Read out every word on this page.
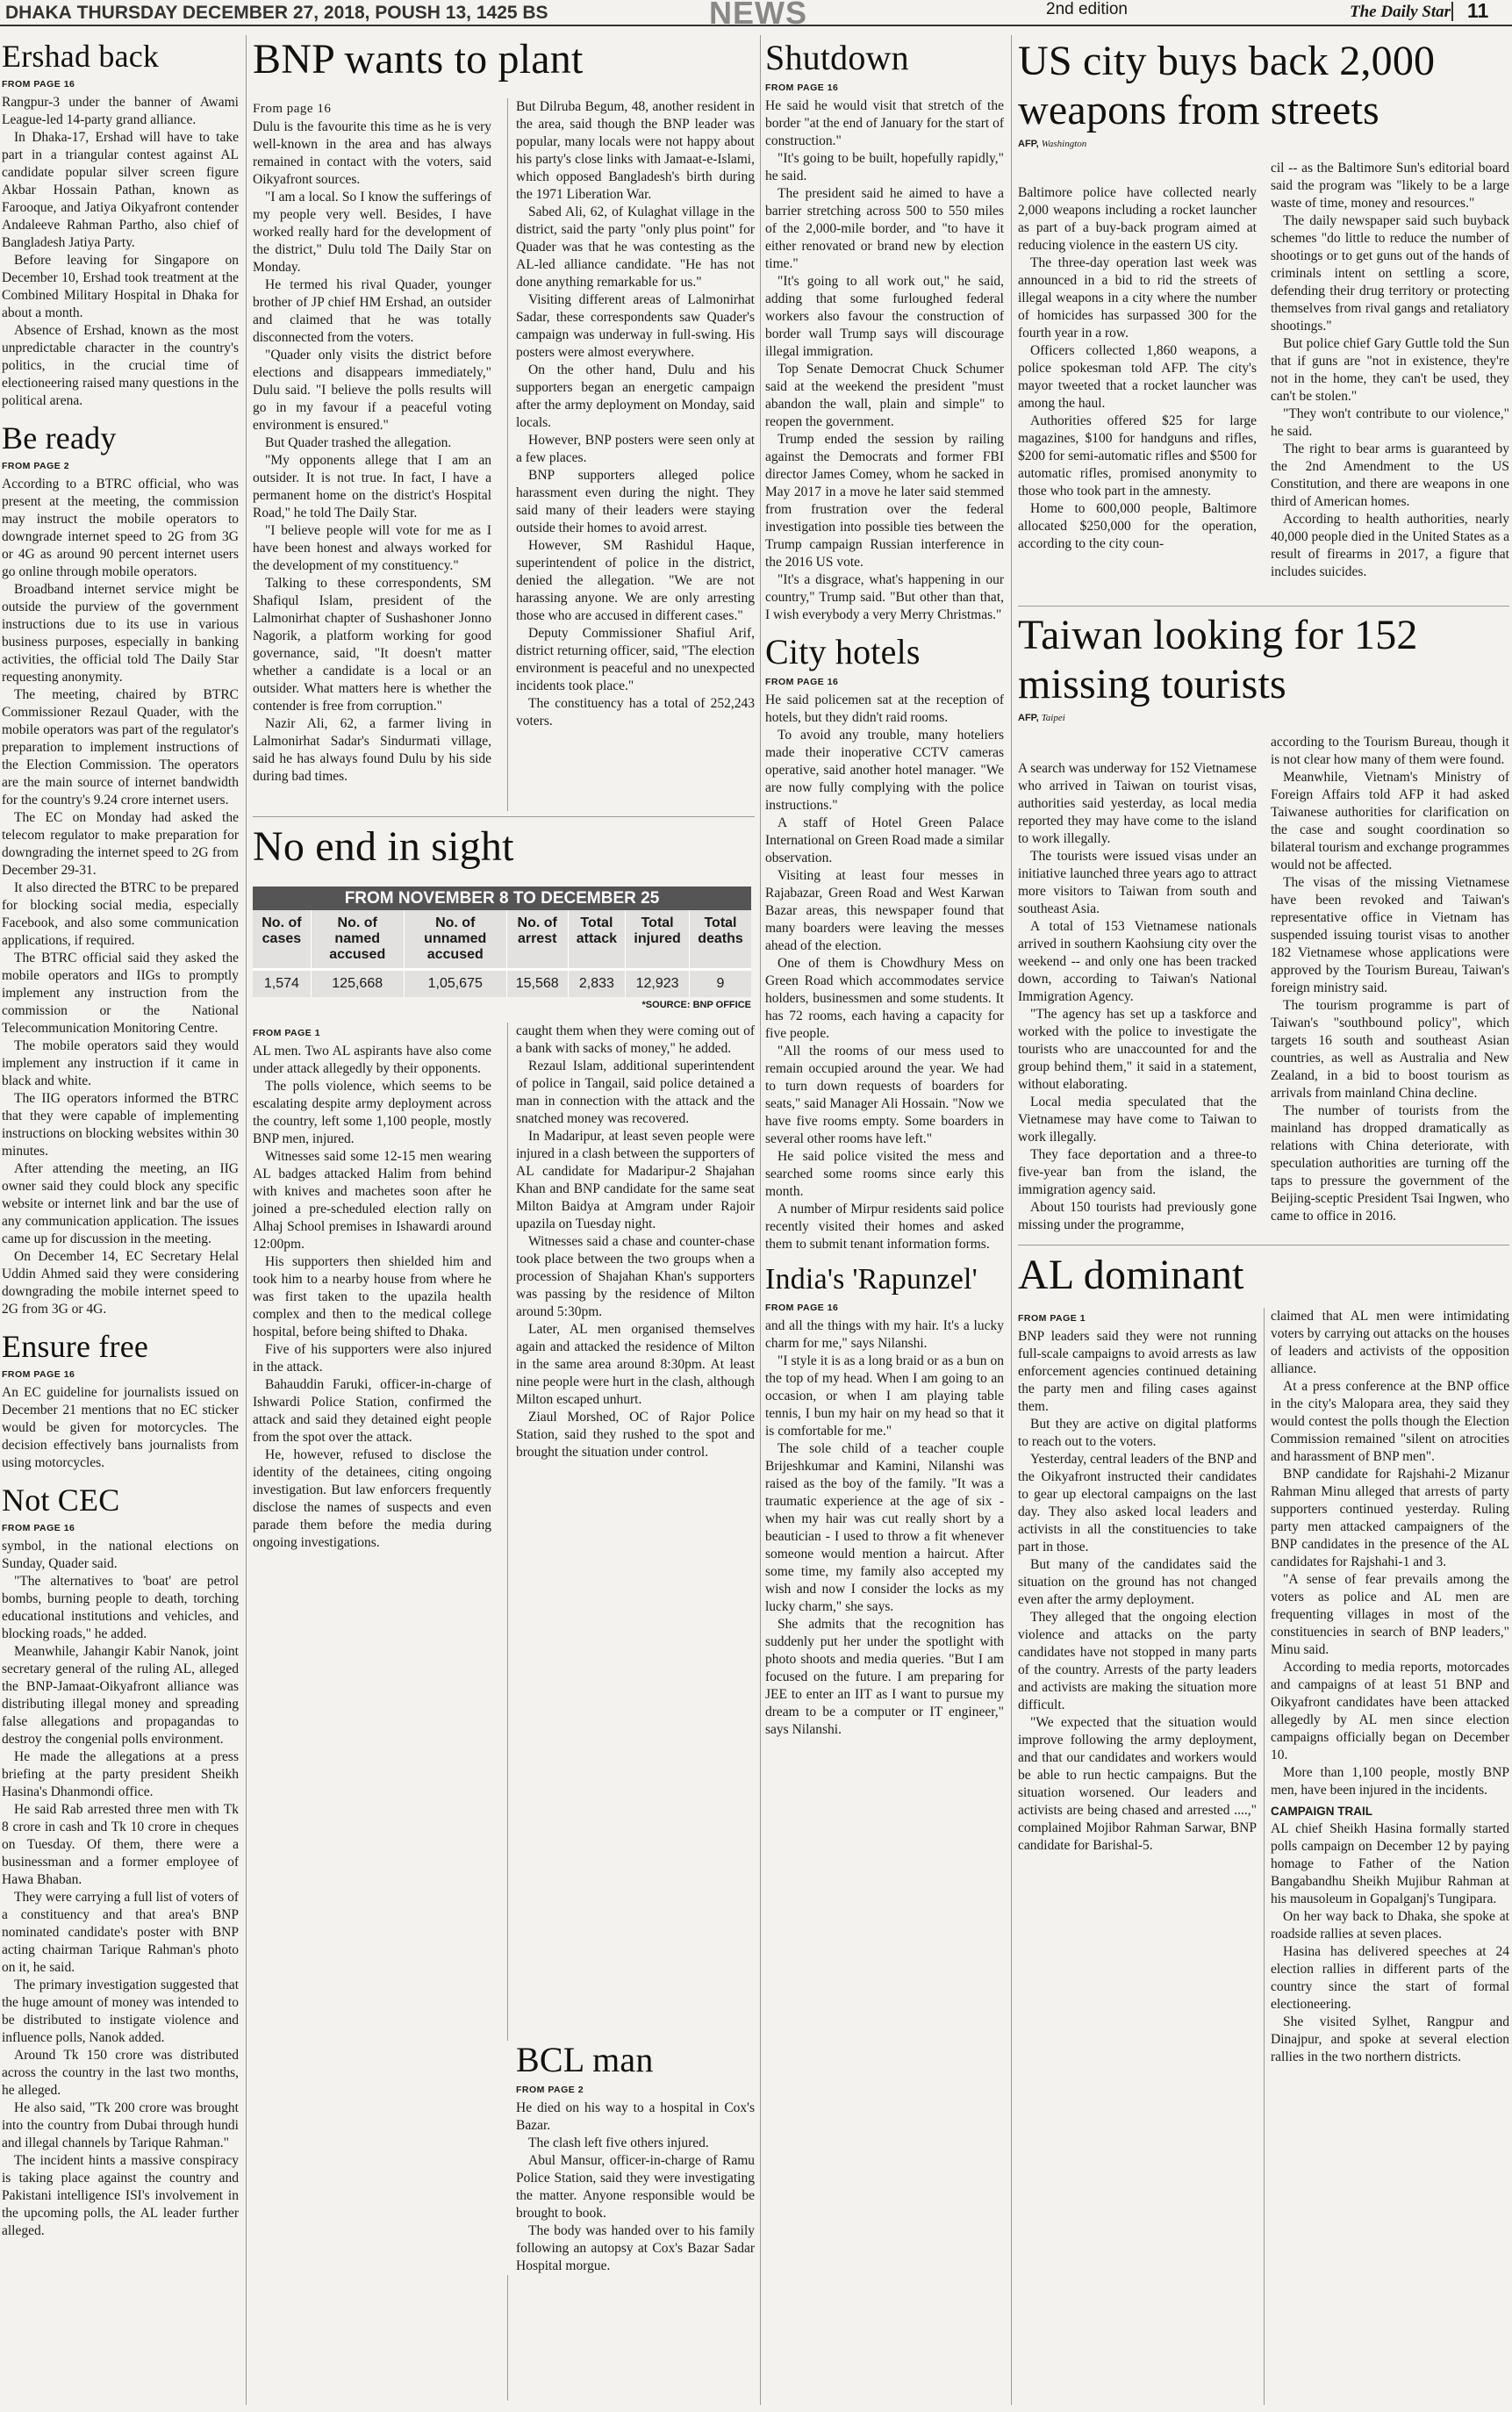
DHAKA THURSDAY DECEMBER 27, 2018, POUSH 13, 1425 BS	NEWS	2nd edition	The Daily Star 11
Ershad back
FROM PAGE 16

Rangpur-3 under the banner of Awami League-led 14-party grand alliance.

In Dhaka-17, Ershad will have to take part in a triangular contest against AL candidate popular silver screen figure Akbar Hossain Pathan, known as Farooque, and Jatiya Oikyafront contender Andaleeve Rahman Partho, also chief of Bangladesh Jatiya Party.

Before leaving for Singapore on December 10, Ershad took treatment at the Combined Military Hospital in Dhaka for about a month.

Absence of Ershad, known as the most unpredictable character in the country's politics, in the crucial time of electioneering raised many questions in the political arena.

Be ready
FROM PAGE 2

According to a BTRC official, who was present at the meeting, the commission may instruct the mobile operators to downgrade internet speed to 2G from 3G or 4G as around 90 percent internet users go online through mobile operators.

Broadband internet service might be outside the purview of the government instructions due to its use in various business purposes, especially in banking activities, the official told The Daily Star requesting anonymity.

The meeting, chaired by BTRC Commissioner Rezaul Quader, with the mobile operators was part of the regulator's preparation to implement instructions of the Election Commission. The operators are the main source of internet bandwidth for the country's 9.24 crore internet users.

The EC on Monday had asked the telecom regulator to make preparation for downgrading the internet speed to 2G from December 29-31.

It also directed the BTRC to be prepared for blocking social media, especially Facebook, and also some communication applications, if required.

The BTRC official said they asked the mobile operators and IIGs to promptly implement any instruction from the commission or the National Telecommunication Monitoring Centre.

The mobile operators said they would implement any instruction if it came in black and white.

The IIG operators informed the BTRC that they were capable of implementing instructions on blocking websites within 30 minutes.

After attending the meeting, an IIG owner said they could block any specific website or internet link and bar the use of any communication application. The issues came up for discussion in the meeting.

On December 14, EC Secretary Helal Uddin Ahmed said they were considering downgrading the mobile internet speed to 2G from 3G or 4G.

Ensure free
FROM PAGE 16

An EC guideline for journalists issued on December 21 mentions that no EC sticker would be given for motorcycles. The decision effectively bans journalists from using motorcycles.

Not CEC
FROM PAGE 16

symbol, in the national elections on Sunday, Quader said.

"The alternatives to 'boat' are petrol bombs, burning people to death, torching educational institutions and vehicles, and blocking roads," he added.

Meanwhile, Jahangir Kabir Nanok, joint secretary general of the ruling AL, alleged the BNP-Jamaat-Oikyafront alliance was distributing illegal money and spreading false allegations and propagandas to destroy the congenial polls environment.

He made the allegations at a press briefing at the party president Sheikh Hasina's Dhanmondi office.

He said Rab arrested three men with Tk 8 crore in cash and Tk 10 crore in cheques on Tuesday. Of them, there were a businessman and a former employee of Hawa Bhaban.

They were carrying a full list of voters of a constituency and that area's BNP nominated candidate's poster with BNP acting chairman Tarique Rahman's photo on it, he said.

The primary investigation suggested that the huge amount of money was intended to be distributed to instigate violence and influence polls, Nanok added.

Around Tk 150 crore was distributed across the country in the last two months, he alleged.

He also said, "Tk 200 crore was brought into the country from Dubai through hundi and illegal channels by Tarique Rahman."

The incident hints a massive conspiracy is taking place against the country and Pakistani intelligence ISI's involvement in the upcoming polls, the AL leader further alleged.

BNP wants to plant
From page 16

Dulu is the favourite this time as he is very well-known in the area and has always remained in contact with the voters, said Oikyafront sources.

"I am a local. So I know the sufferings of my people very well. Besides, I have worked really hard for the development of the district," Dulu told The Daily Star on Monday.

He termed his rival Quader, younger brother of JP chief HM Ershad, an outsider and claimed that he was totally disconnected from the voters.

"Quader only visits the district before elections and disappears immediately," Dulu said. "I believe the polls results will go in my favour if a peaceful voting environment is ensured."

But Quader trashed the allegation.

"My opponents allege that I am an outsider. It is not true. In fact, I have a permanent home on the district's Hospital Road," he told The Daily Star.

"I believe people will vote for me as I have been honest and always worked for the development of my constituency."

Talking to these correspondents, SM Shafiqul Islam, president of the Lalmonirhat chapter of Sushashoner Jonno Nagorik, a platform working for good governance, said, "It doesn't matter whether a candidate is a local or an outsider. What matters here is whether the contender is free from corruption."

Nazir Ali, 62, a farmer living in Lalmonirhat Sadar's Sindurmati village, said he has always found Dulu by his side during bad times.

But Dilruba Begum, 48, another resident in the area, said though the BNP leader was popular, many locals were not happy about his party's close links with Jamaat-e-Islami, which opposed Bangladesh's birth during the 1971 Liberation War.

Sabed Ali, 62, of Kulaghat village in the district, said the party "only plus point" for Quader was that he was contesting as the AL-led alliance candidate. "He has not done anything remarkable for us."

Visiting different areas of Lalmonirhat Sadar, these correspondents saw Quader's campaign was underway in full-swing. His posters were almost everywhere.

On the other hand, Dulu and his supporters began an energetic campaign after the army deployment on Monday, said locals.

However, BNP posters were seen only at a few places.

BNP supporters alleged police harassment even during the night. They said many of their leaders were staying outside their homes to avoid arrest.

However, SM Rashidul Haque, superintendent of police in the district, denied the allegation. "We are not harassing anyone. We are only arresting those who are accused in different cases."

Deputy Commissioner Shafiul Arif, district returning officer, said, "The election environment is peaceful and no unexpected incidents took place."

The constituency has a total of 252,243 voters.

No end in sight
FROM NOVEMBER 8 TO DECEMBER 25
No. of cases	No. of named accused	No. of unnamed accused	No. of arrest	Total attack	Total injured	Total deaths
1,574	125,668	1,05,675	15,568	2,833	12,923	9
*SOURCE: BNP OFFICE
FROM PAGE 1

AL men. Two AL aspirants have also come under attack allegedly by their opponents.

The polls violence, which seems to be escalating despite army deployment across the country, left some 1,100 people, mostly BNP men, injured.

Witnesses said some 12-15 men wearing AL badges attacked Halim from behind with knives and machetes soon after he joined a pre-scheduled election rally on Alhaj School premises in Ishawardi around 12:00pm.

His supporters then shielded him and took him to a nearby house from where he was first taken to the upazila health complex and then to the medical college hospital, before being shifted to Dhaka.

Five of his supporters were also injured in the attack.

Bahauddin Faruki, officer-in-charge of Ishwardi Police Station, confirmed the attack and said they detained eight people from the spot over the attack.

He, however, refused to disclose the identity of the detainees, citing ongoing investigation. But law enforcers frequently disclose the names of suspects and even parade them before the media during ongoing investigations.

caught them when they were coming out of a bank with sacks of money," he added.

Rezaul Islam, additional superintendent of police in Tangail, said police detained a man in connection with the attack and the snatched money was recovered.

In Madaripur, at least seven people were injured in a clash between the supporters of AL candidate for Madaripur-2 Shajahan Khan and BNP candidate for the same seat Milton Baidya at Amgram under Rajoir upazila on Tuesday night.

Witnesses said a chase and counter-chase took place between the two groups when a procession of Shajahan Khan's supporters was passing by the residence of Milton around 5:30pm.

Later, AL men organised themselves again and attacked the residence of Milton in the same area around 8:30pm. At least nine people were hurt in the clash, although Milton escaped unhurt.

Ziaul Morshed, OC of Rajor Police Station, said they rushed to the spot and brought the situation under control.

Shutdown
FROM PAGE 16

He said he would visit that stretch of the border "at the end of January for the start of construction."

"It's going to be built, hopefully rapidly," he said.

The president said he aimed to have a barrier stretching across 500 to 550 miles of the 2,000-mile border, and "to have it either renovated or brand new by election time."

"It's going to all work out," he said, adding that some furloughed federal workers also favour the construction of border wall Trump says will discourage illegal immigration.

Top Senate Democrat Chuck Schumer said at the weekend the president "must abandon the wall, plain and simple" to reopen the government.

Trump ended the session by railing against the Democrats and former FBI director James Comey, whom he sacked in May 2017 in a move he later said stemmed from frustration over the federal investigation into possible ties between the Trump campaign Russian interference in the 2016 US vote.

"It's a disgrace, what's happening in our country," Trump said. "But other than that, I wish everybody a very Merry Christmas."

City hotels
FROM PAGE 16

He said policemen sat at the reception of hotels, but they didn't raid rooms.

To avoid any trouble, many hoteliers made their inoperative CCTV cameras operative, said another hotel manager. "We are now fully complying with the police instructions."

A staff of Hotel Green Palace International on Green Road made a similar observation.

Visiting at least four messes in Rajabazar, Green Road and West Karwan Bazar areas, this newspaper found that many boarders were leaving the messes ahead of the election.

One of them is Chowdhury Mess on Green Road which accommodates service holders, businessmen and some students. It has 72 rooms, each having a capacity for five people.

"All the rooms of our mess used to remain occupied around the year. We had to turn down requests of boarders for seats," said Manager Ali Hossain. "Now we have five rooms empty. Some boarders in several other rooms have left."

He said police visited the mess and searched some rooms since early this month.

A number of Mirpur residents said police recently visited their homes and asked them to submit tenant information forms.

India's 'Rapunzel'
FROM PAGE 16

and all the things with my hair. It's a lucky charm for me," says Nilanshi.

"I style it is as a long braid or as a bun on the top of my head. When I am going to an occasion, or when I am playing table tennis, I bun my hair on my head so that it is comfortable for me."

The sole child of a teacher couple Brijeshkumar and Kamini, Nilanshi was raised as the boy of the family. "It was a traumatic experience at the age of six - when my hair was cut really short by a beautician - I used to throw a fit whenever someone would mention a haircut. After some time, my family also accepted my wish and now I consider the locks as my lucky charm," she says.

She admits that the recognition has suddenly put her under the spotlight with photo shoots and media queries. "But I am focused on the future. I am preparing for JEE to enter an IIT as I want to pursue my dream to be a computer or IT engineer," says Nilanshi.

BCL man
FROM PAGE 2

He died on his way to a hospital in Cox's Bazar.

The clash left five others injured.

Abul Mansur, officer-in-charge of Ramu Police Station, said they were investigating the matter. Anyone responsible would be brought to book.

The body was handed over to his family following an autopsy at Cox's Bazar Sadar Hospital morgue.

US city buys back 2,000 weapons from streets
AFP, Washington

Baltimore police have collected nearly 2,000 weapons including a rocket launcher as part of a buy-back program aimed at reducing violence in the eastern US city.

The three-day operation last week was announced in a bid to rid the streets of illegal weapons in a city where the number of homicides has surpassed 300 for the fourth year in a row.

Officers collected 1,860 weapons, a police spokesman told AFP. The city's mayor tweeted that a rocket launcher was among the haul.

Authorities offered $25 for large magazines, $100 for handguns and rifles, $200 for semi-automatic rifles and $500 for automatic rifles, promised anonymity to those who took part in the amnesty.

Home to 600,000 people, Baltimore allocated $250,000 for the operation, according to the city coun-

cil -- as the Baltimore Sun's editorial board said the program was "likely to be a large waste of time, money and resources."

The daily newspaper said such buyback schemes "do little to reduce the number of shootings or to get guns out of the hands of criminals intent on settling a score, defending their drug territory or protecting themselves from rival gangs and retaliatory shootings."

But police chief Gary Guttle told the Sun that if guns are "not in existence, they're not in the home, they can't be used, they can't be stolen."

"They won't contribute to our violence," he said.

The right to bear arms is guaranteed by the 2nd Amendment to the US Constitution, and there are weapons in one third of American homes.

According to health authorities, nearly 40,000 people died in the United States as a result of firearms in 2017, a figure that includes suicides.

Taiwan looking for 152 missing tourists
AFP, Taipei

A search was underway for 152 Vietnamese who arrived in Taiwan on tourist visas, authorities said yesterday, as local media reported they may have come to the island to work illegally.

The tourists were issued visas under an initiative launched three years ago to attract more visitors to Taiwan from south and southeast Asia.

A total of 153 Vietnamese nationals arrived in southern Kaohsiung city over the weekend -- and only one has been tracked down, according to Taiwan's National Immigration Agency.

"The agency has set up a taskforce and worked with the police to investigate the tourists who are unaccounted for and the group behind them," it said in a statement, without elaborating.

Local media speculated that the Vietnamese may have come to Taiwan to work illegally.

They face deportation and a three-to five-year ban from the island, the immigration agency said.

About 150 tourists had previously gone missing under the programme,

according to the Tourism Bureau, though it is not clear how many of them were found.

Meanwhile, Vietnam's Ministry of Foreign Affairs told AFP it had asked Taiwanese authorities for clarification on the case and sought coordination so bilateral tourism and exchange programmes would not be affected.

The visas of the missing Vietnamese have been revoked and Taiwan's representative office in Vietnam has suspended issuing tourist visas to another 182 Vietnamese whose applications were approved by the Tourism Bureau, Taiwan's foreign ministry said.

The tourism programme is part of Taiwan's "southbound policy", which targets 16 south and southeast Asian countries, as well as Australia and New Zealand, in a bid to boost tourism as arrivals from mainland China decline.

The number of tourists from the mainland has dropped dramatically as relations with China deteriorate, with speculation authorities are turning off the taps to pressure the government of the Beijing-sceptic President Tsai Ingwen, who came to office in 2016.

AL dominant
FROM PAGE 1

BNP leaders said they were not running full-scale campaigns to avoid arrests as law enforcement agencies continued detaining the party men and filing cases against them.

But they are active on digital platforms to reach out to the voters.

Yesterday, central leaders of the BNP and the Oikyafront instructed their candidates to gear up electoral campaigns on the last day. They also asked local leaders and activists in all the constituencies to take part in those.

But many of the candidates said the situation on the ground has not changed even after the army deployment.

They alleged that the ongoing election violence and attacks on the party candidates have not stopped in many parts of the country. Arrests of the party leaders and activists are making the situation more difficult.

"We expected that the situation would improve following the army deployment, and that our candidates and workers would be able to run hectic campaigns. But the situation worsened. Our leaders and activists are being chased and arrested ....," complained Mojibor Rahman Sarwar, BNP candidate for Barishal-5.

claimed that AL men were intimidating voters by carrying out attacks on the houses of leaders and activists of the opposition alliance.

At a press conference at the BNP office in the city's Malopara area, they said they would contest the polls though the Election Commission remained "silent on atrocities and harassment of BNP men".

BNP candidate for Rajshahi-2 Mizanur Rahman Minu alleged that arrests of party supporters continued yesterday. Ruling party men attacked campaigners of the BNP candidates in the presence of the AL candidates for Rajshahi-1 and 3.

"A sense of fear prevails among the voters as police and AL men are frequenting villages in most of the constituencies in search of BNP leaders," Minu said.

According to media reports, motorcades and campaigns of at least 51 BNP and Oikyafront candidates have been attacked allegedly by AL men since election campaigns officially began on December 10.

More than 1,100 people, mostly BNP men, have been injured in the incidents.

CAMPAIGN TRAIL

AL chief Sheikh Hasina formally started polls campaign on December 12 by paying homage to Father of the Nation Bangabandhu Sheikh Mujibur Rahman at his mausoleum in Gopalganj's Tungipara.

On her way back to Dhaka, she spoke at roadside rallies at seven places.

Hasina has delivered speeches at 24 election rallies in different parts of the country since the start of formal electioneering.

She visited Sylhet, Rangpur and Dinajpur, and spoke at several election rallies in the two northern districts.
